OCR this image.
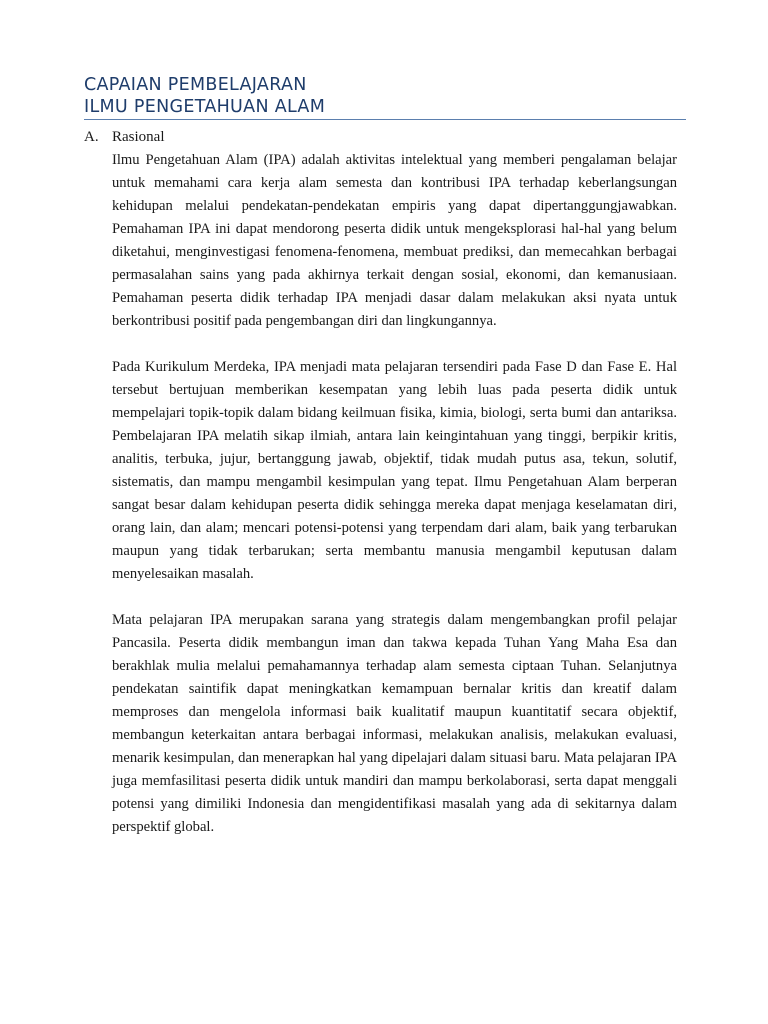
CAPAIAN PEMBELAJARAN
ILMU PENGETAHUAN ALAM
A. Rasional

Ilmu Pengetahuan Alam (IPA) adalah aktivitas intelektual yang memberi pengalaman belajar untuk memahami cara kerja alam semesta dan kontribusi IPA terhadap keberlangsungan kehidupan melalui pendekatan-pendekatan empiris yang dapat dipertanggungjawabkan. Pemahaman IPA ini dapat mendorong peserta didik untuk mengeksplorasi hal-hal yang belum diketahui, menginvestigasi fenomena-fenomena, membuat prediksi, dan memecahkan berbagai permasalahan sains yang pada akhirnya terkait dengan sosial, ekonomi, dan kemanusiaan. Pemahaman peserta didik terhadap IPA menjadi dasar dalam melakukan aksi nyata untuk berkontribusi positif pada pengembangan diri dan lingkungannya.

Pada Kurikulum Merdeka, IPA menjadi mata pelajaran tersendiri pada Fase D dan Fase E. Hal tersebut bertujuan memberikan kesempatan yang lebih luas pada peserta didik untuk mempelajari topik-topik dalam bidang keilmuan fisika, kimia, biologi, serta bumi dan antariksa. Pembelajaran IPA melatih sikap ilmiah, antara lain keingintahuan yang tinggi, berpikir kritis, analitis, terbuka, jujur, bertanggung jawab, objektif, tidak mudah putus asa, tekun, solutif, sistematis, dan mampu mengambil kesimpulan yang tepat. Ilmu Pengetahuan Alam berperan sangat besar dalam kehidupan peserta didik sehingga mereka dapat menjaga keselamatan diri, orang lain, dan alam; mencari potensi-potensi yang terpendam dari alam, baik yang terbarukan maupun yang tidak terbarukan; serta membantu manusia mengambil keputusan dalam menyelesaikan masalah.

Mata pelajaran IPA merupakan sarana yang strategis dalam mengembangkan profil pelajar Pancasila. Peserta didik membangun iman dan takwa kepada Tuhan Yang Maha Esa dan berakhlak mulia melalui pemahamannya terhadap alam semesta ciptaan Tuhan. Selanjutnya pendekatan saintifik dapat meningkatkan kemampuan bernalar kritis dan kreatif dalam memproses dan mengelola informasi baik kualitatif maupun kuantitatif secara objektif, membangun keterkaitan antara berbagai informasi, melakukan analisis, melakukan evaluasi, menarik kesimpulan, dan menerapkan hal yang dipelajari dalam situasi baru. Mata pelajaran IPA juga memfasilitasi peserta didik untuk mandiri dan mampu berkolaborasi, serta dapat menggali potensi yang dimiliki Indonesia dan mengidentifikasi masalah yang ada di sekitarnya dalam perspektif global.
